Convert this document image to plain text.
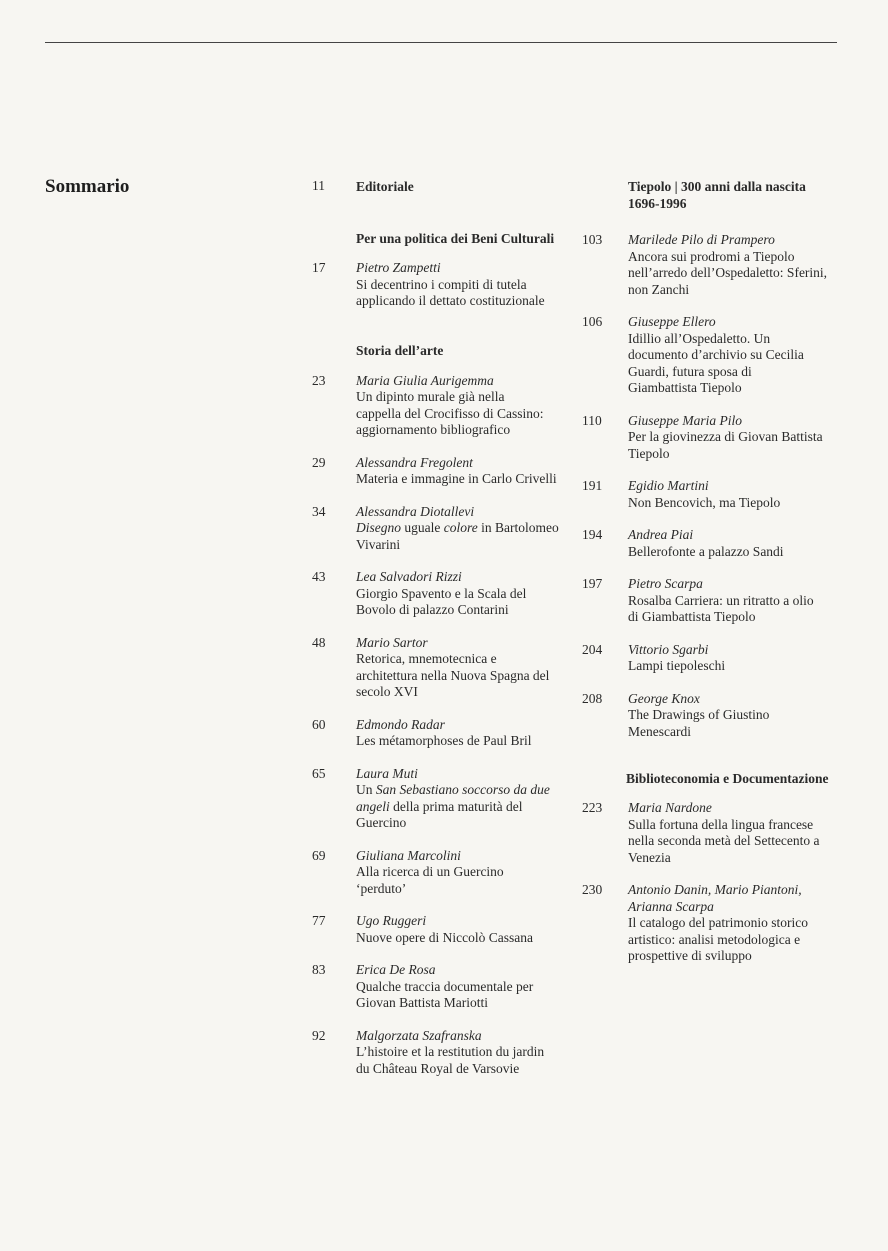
Sommario	11	Editoriale
Per una politica dei Beni Culturali
17	Pietro Zampetti
Si decentrino i compiti di tutela
applicando il dettato costituzionale
Storia dell’arte
23	Maria Giulia Aurigemma
Un dipinto murale già nella
cappella del Crocifisso di Cassino:
aggiornamento bibliografico
29	Alessandra Fregolent
Materia e immagine in Carlo Crivelli
34	Alessandra Diotallevi
Disegno uguale colore in Bartolomeo
Vivarini
43	Lea Salvadori Rizzi
Giorgio Spavento e la Scala del
Bovolo di palazzo Contarini
48	Mario Sartor
Retorica, mnemotecnica e
architettura nella Nuova Spagna del
secolo XVI
60	Edmondo Radar
Les métamorphoses de Paul Bril
65	Laura Muti
Un San Sebastiano soccorso da due
angeli della prima maturità del
Guercino
69	Giuliana Marcolini
Alla ricerca di un Guercino
‘perduto’
77	Ugo Ruggeri
Nuove opere di Niccolò Cassana
83	Erica De Rosa
Qualche traccia documentale per
Giovan Battista Mariotti
92	Malgorzata Szafranska
L’histoire et la restitution du jardin
du Château Royal de Varsovie
Tiepolo | 300 anni dalla nascita
1696-1996
103	Marilede Pilo di Prampero
Ancora sui prodromi a Tiepolo
nell’arredo dell’Ospedaletto: Sferini,
non Zanchi
106	Giuseppe Ellero
Idillio all’Ospedaletto. Un
documento d’archivio su Cecilia
Guardi, futura sposa di
Giambattista Tiepolo
110	Giuseppe Maria Pilo
Per la giovinezza di Giovan Battista
Tiepolo
191	Egidio Martini
Non Bencovich, ma Tiepolo
194	Andrea Piai
Bellerofonte a palazzo Sandi
197	Pietro Scarpa
Rosalba Carriera: un ritratto a olio
di Giambattista Tiepolo
204	Vittorio Sgarbi
Lampi tiepoleschi
208	George Knox
The Drawings of Giustino
Menescardi
Biblioteconomia e Documentazione
223	Maria Nardone
Sulla fortuna della lingua francese
nella seconda metà del Settecento a
Venezia
230	Antonio Danin, Mario Piantoni,
Arianna Scarpa
Il catalogo del patrimonio storico
artistico: analisi metodologica e
prospettive di sviluppo
